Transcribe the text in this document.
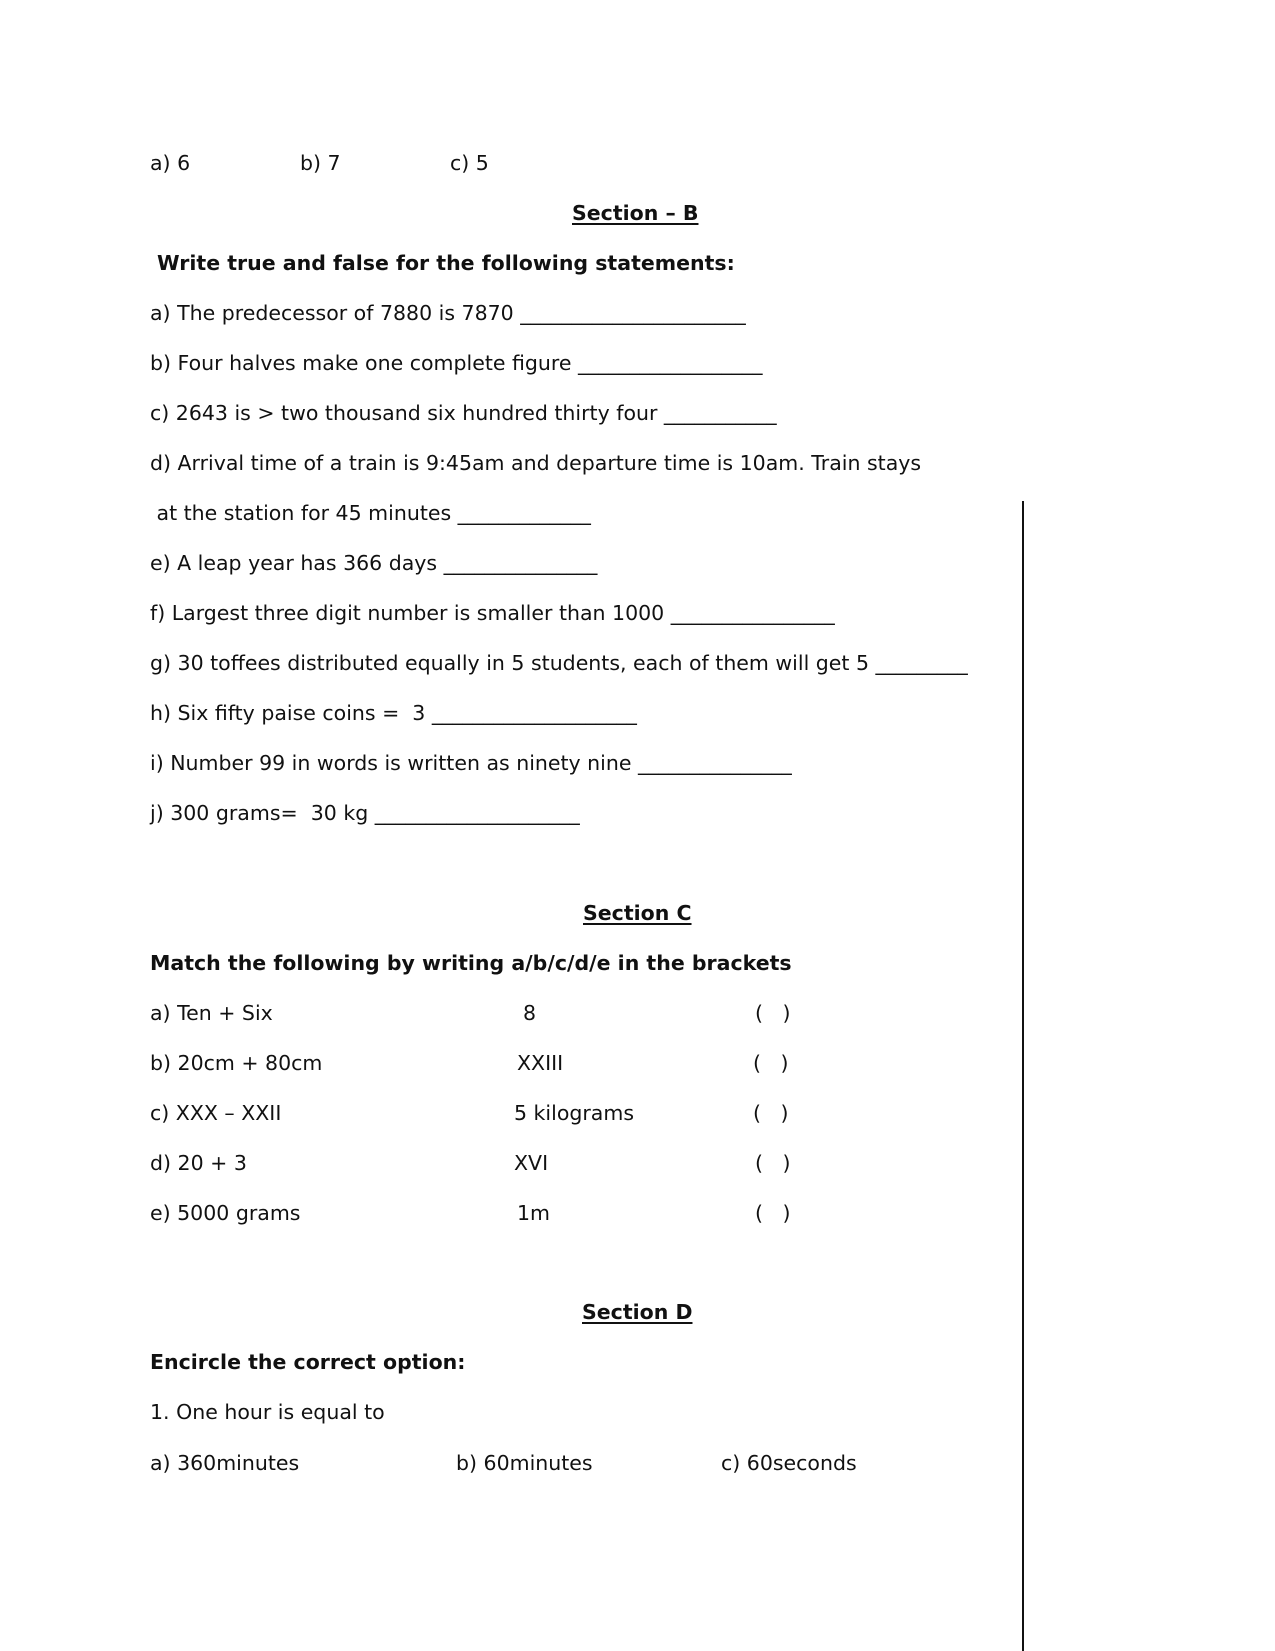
a) 6	b) 7	c) 5
Section – B
Write true and false for the following statements:
a) The predecessor of 7880 is 7870 ______________________
b) Four halves make one complete figure __________________
c) 2643 is > two thousand six hundred thirty four ___________
d) Arrival time of a train is 9:45am and departure time is 10am. Train stays
at the station for 45 minutes _____________
e) A leap year has 366 days _______________
f) Largest three digit number is smaller than 1000 ________________
g) 30 toffees distributed equally in 5 students, each of them will get 5 _________
h) Six fifty paise coins =  3 ____________________
i) Number 99 in words is written as ninety nine _______________
j) 300 grams=  30 kg ____________________
Section C
Match the following by writing a/b/c/d/e in the brackets
a) Ten + Six	8	(   )
b) 20cm + 80cm	XXIII	(   )
c) XXX – XXII	5 kilograms	(   )
d) 20 + 3	XVI	(   )
e) 5000 grams	1m	(   )
Section D
Encircle the correct option:
1. One hour is equal to
a) 360minutes	b) 60minutes	c) 60seconds
